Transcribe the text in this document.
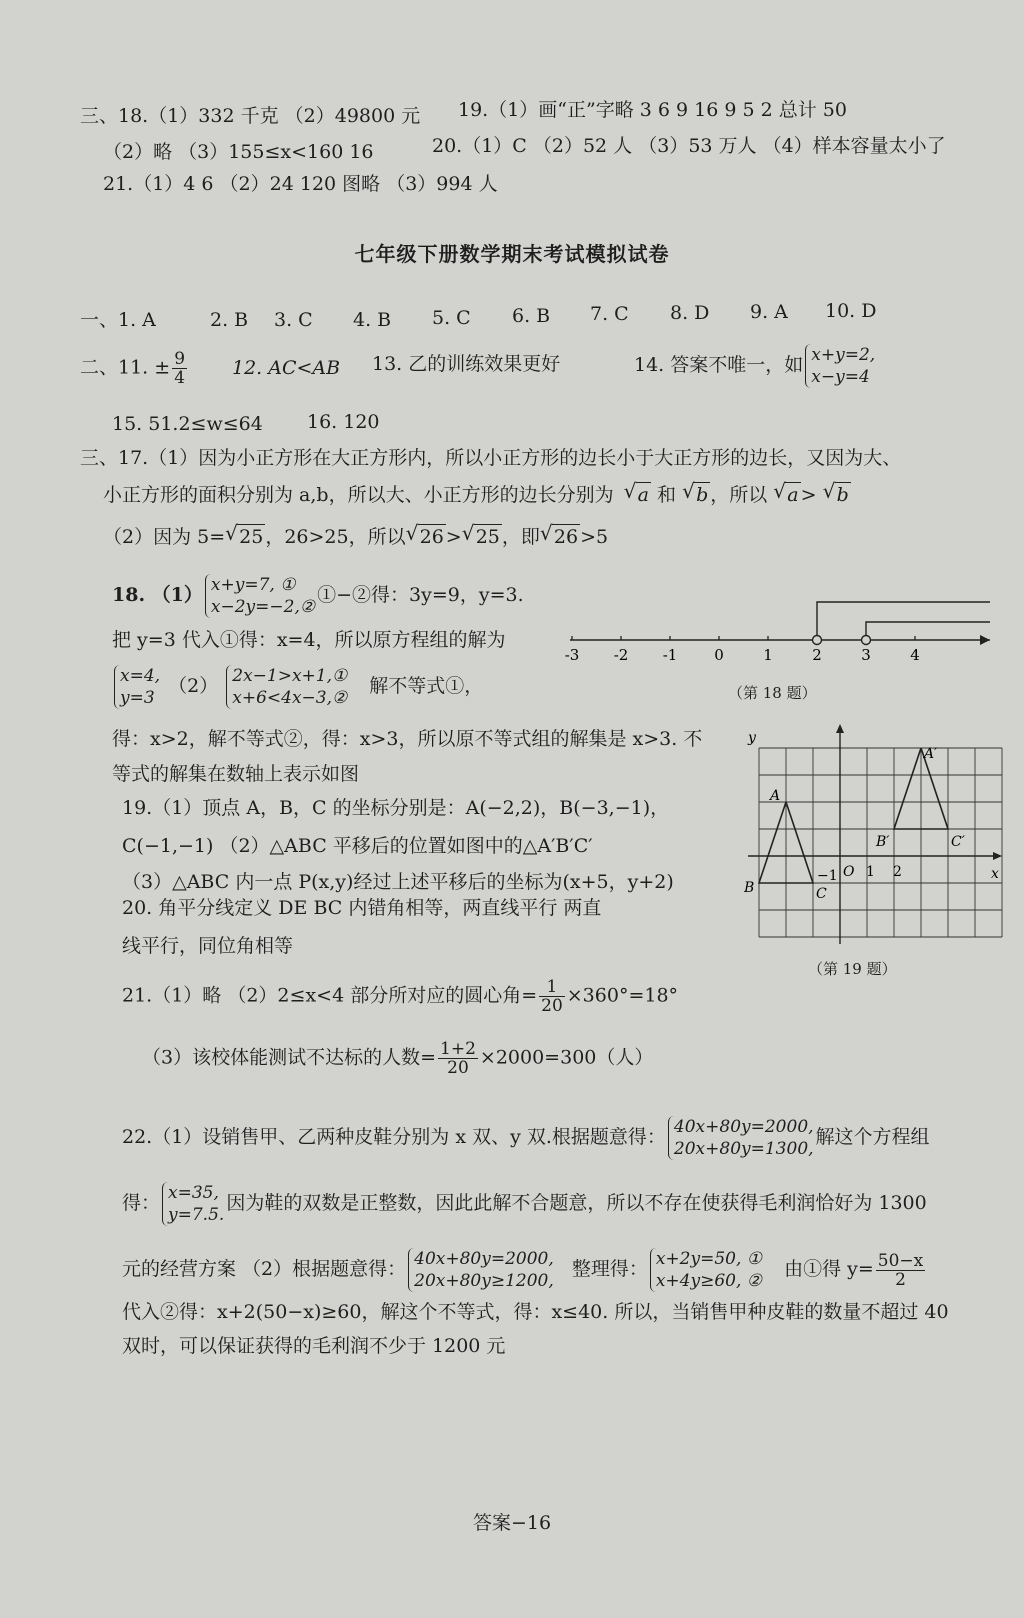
三、18.（1）332 千克 （2）49800 元 19.（1）画“正”字略 3 6 9 16 9 5 2 总计 50
（2）略 （3）155≤x<160 16	20.（1）C （2）52 人 （3）53 万人 （4）样本容量太小了
21.（1）4 6 （2）24 120 图略 （3）994 人
七年级下册数学期末考试模拟试卷
一、1. A	2. B 3. C 4. B 5. C 6. B 7. C 8. D 9. A 10. D
二、11. ± $\frac{9}{4} 12$. AC<AB 13. 乙的训练效果更好	14. 答案不唯一，如 x+y=2,
x−y=4
15. 51.2≤w≤64 16. 120
三、17.（1）因为小正方形在大正方形内，所以小正方形的边长小于大正方形的边长，又因为大、
小正方形的面积分别为 a,b，所以大、小正方形的边长分别为 √ a 和 √ b ，所以 √ a > √ b
（2）因为 5= √ 25 ，26>25，所以 √ 26 > √ 25 ，即 √ 26 >5
18. （1） x+y=7, ①
x−2y=−2,②
①−②得：3y=9，y=3.
把 y=3 代入①得：x=4，所以原方程组的解为
x=4,
y=3
（2） 2x−1>x+1,①
x+6<4x−3,②
解不等式①，
得：x>2，解不等式②，得：x>3，所以原不等式组的解集是 x>3. 不
等式的解集在数轴上表示如图
-3 -2 -1 0	1	2	3	4
（第 18 题）
19.（1）顶点 A，B，C 的坐标分别是：A(−2,2)，B(−3,−1)，
C(−1,−1) （2）△ABC 平移后的位置如图中的△A′B′C′
（3）△ABC 内一点 P(x,y)经过上述平移后的坐标为(x+5，y+2)
y
x
O 1 2
−1
A
B	C
A′
B′	C′
（第 19 题）
20. 角平分线定义 DE BC 内错角相等，两直线平行 两直
线平行，同位角相等
21.（1）略 （2）2≤x<4 部分所对应的圆心角= $\frac{1}{20} \times 360^\circ=18^\circ$
（3）该校体能测试不达标的人数= $\frac{1+2}{20} \times 2000=300$（人）
22.（1）设销售甲、乙两种皮鞋分别为 x 双、y 双.根据题意得： 40x+80y=2000,
20x+80y=1300,
解这个方程组
得： x=35,
y=7.5.
因为鞋的双数是正整数，因此此解不合题意，所以不存在使获得毛利润恰好为 1300
元的经营方案 （2）根据题意得： 40x+80y=2000,
20x+80y≥1200,
整理得： x+2y=50, ①
x+4y≥60, ②
由①得 $y= \frac{50-x}{2}$
代入②得：x+2(50−x)≥60，解这个不等式，得：x≤40. 所以，当销售甲种皮鞋的数量不超过 40
双时，可以保证获得的毛利润不少于 1200 元
答案−16
